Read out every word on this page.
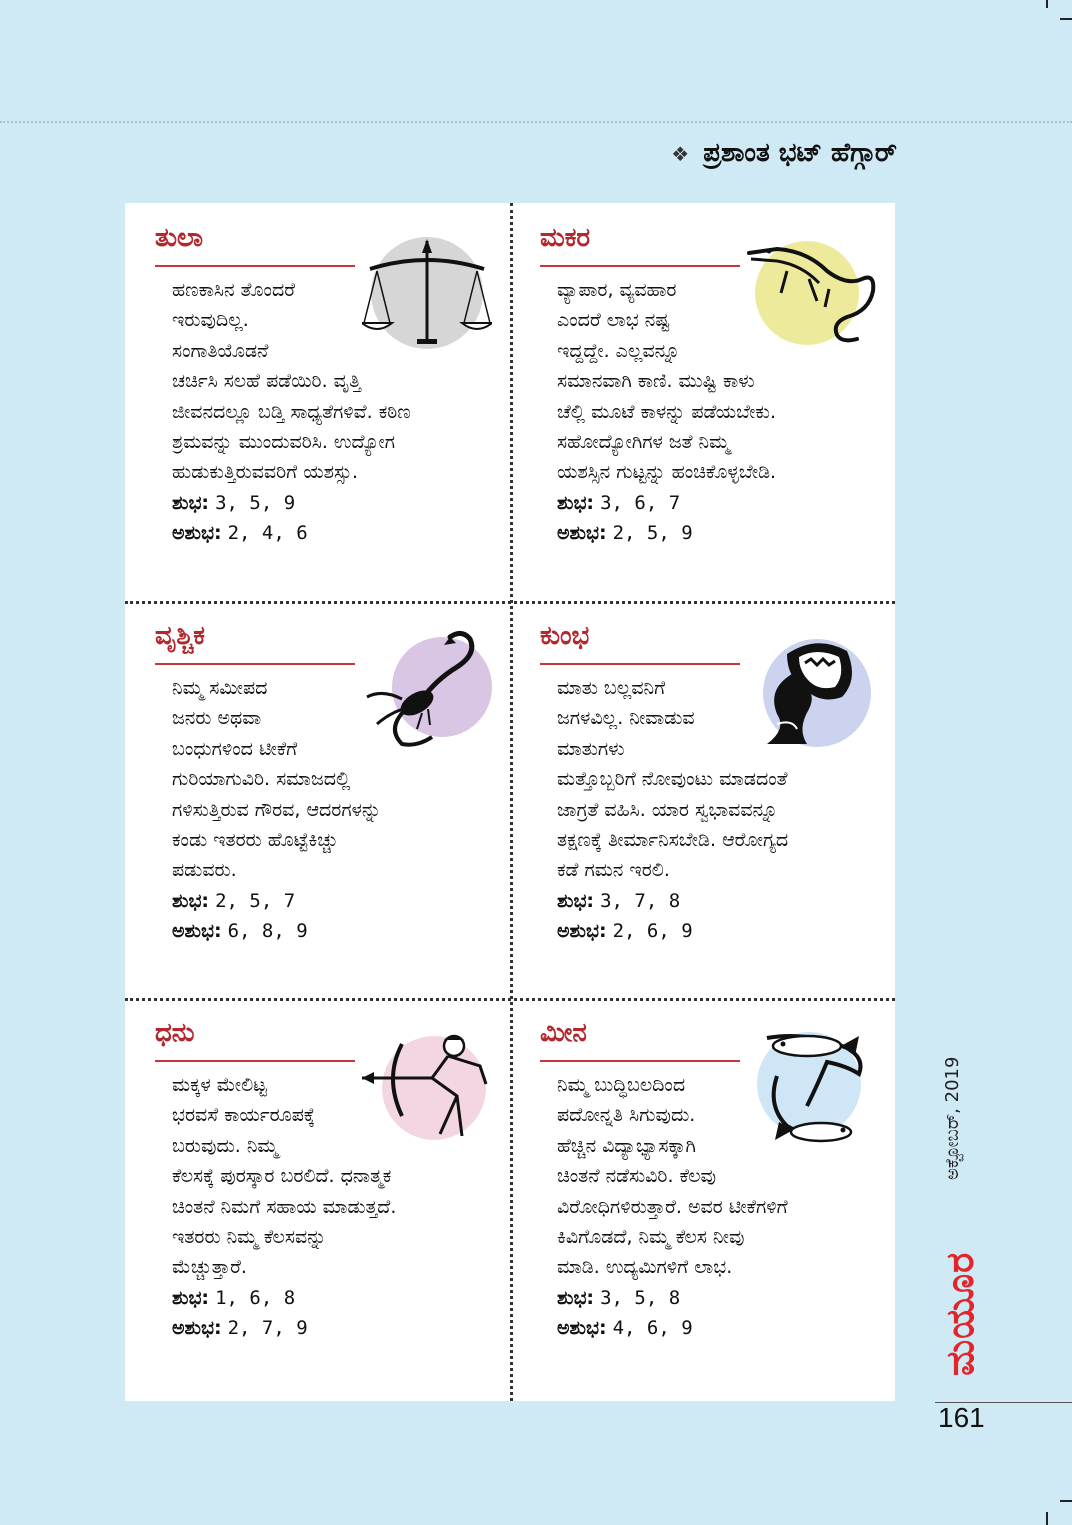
❖ ಪ್ರಶಾಂತ ಭಟ್ ಹೆಗ್ಗಾರ್
ತುಲಾ
ಹಣಕಾಸಿನ ತೊಂದರೆ
ಇರುವುದಿಲ್ಲ.
ಸಂಗಾತಿಯೊಡನೆ
ಚರ್ಚಿಸಿ ಸಲಹೆ ಪಡೆಯಿರಿ. ವೃತ್ತಿ
ಜೀವನದಲ್ಲೂ ಬಡ್ತಿ ಸಾಧ್ಯತೆಗಳಿವೆ. ಕಠಿಣ
ಶ್ರಮವನ್ನು ಮುಂದುವರಿಸಿ. ಉದ್ಯೋಗ
ಹುಡುಕುತ್ತಿರುವವರಿಗೆ ಯಶಸ್ಸು.
ಶುಭ: 3, 5, 9
ಅಶುಭ: 2, 4, 6
ಮಕರ
ವ್ಯಾಪಾರ, ವ್ಯವಹಾರ
ಎಂದರೆ ಲಾಭ ನಷ್ಟ
ಇದ್ದದ್ದೇ. ಎಲ್ಲವನ್ನೂ
ಸಮಾನವಾಗಿ ಕಾಣಿ. ಮುಷ್ಟಿ ಕಾಳು
ಚೆಲ್ಲಿ ಮೂಟೆ ಕಾಳನ್ನು ಪಡೆಯಬೇಕು.
ಸಹೋದ್ಯೋಗಿಗಳ ಜತೆ ನಿಮ್ಮ
ಯಶಸ್ಸಿನ ಗುಟ್ಟನ್ನು ಹಂಚಿಕೊಳ್ಳಬೇಡಿ.
ಶುಭ: 3, 6, 7
ಅಶುಭ: 2, 5, 9
ವೃಶ್ಚಿಕ
ನಿಮ್ಮ ಸಮೀಪದ
ಜನರು ಅಥವಾ
ಬಂಧುಗಳಿಂದ ಟೀಕೆಗೆ
ಗುರಿಯಾಗುವಿರಿ. ಸಮಾಜದಲ್ಲಿ
ಗಳಿಸುತ್ತಿರುವ ಗೌರವ, ಆದರಗಳನ್ನು
ಕಂಡು ಇತರರು ಹೊಟ್ಟೆಕಿಚ್ಚು
ಪಡುವರು.
ಶುಭ: 2, 5, 7
ಅಶುಭ: 6, 8, 9
ಕುಂಭ
ಮಾತು ಬಲ್ಲವನಿಗೆ
ಜಗಳವಿಲ್ಲ. ನೀವಾಡುವ
ಮಾತುಗಳು
ಮತ್ತೊಬ್ಬರಿಗೆ ನೋವುಂಟು ಮಾಡದಂತೆ
ಜಾಗ್ರತೆ ವಹಿಸಿ. ಯಾರ ಸ್ವಭಾವವನ್ನೂ
ತಕ್ಷಣಕ್ಕೆ ತೀರ್ಮಾನಿಸಬೇಡಿ. ಆರೋಗ್ಯದ
ಕಡೆ ಗಮನ ಇರಲಿ.
ಶುಭ: 3, 7, 8
ಅಶುಭ: 2, 6, 9
ಧನು
ಮಕ್ಕಳ ಮೇಲಿಟ್ಟ
ಭರವಸೆ ಕಾರ್ಯರೂಪಕ್ಕೆ
ಬರುವುದು. ನಿಮ್ಮ
ಕೆಲಸಕ್ಕೆ ಪುರಸ್ಕಾರ ಬರಲಿದೆ. ಧನಾತ್ಮಕ
ಚಿಂತನೆ ನಿಮಗೆ ಸಹಾಯ ಮಾಡುತ್ತದೆ.
ಇತರರು ನಿಮ್ಮ ಕೆಲಸವನ್ನು
ಮೆಚ್ಚುತ್ತಾರೆ.
ಶುಭ: 1, 6, 8
ಅಶುಭ: 2, 7, 9
ಮೀನ
ನಿಮ್ಮ ಬುದ್ಧಿಬಲದಿಂದ
ಪದೋನ್ನತಿ ಸಿಗುವುದು.
ಹೆಚ್ಚಿನ ವಿದ್ಯಾಭ್ಯಾಸಕ್ಕಾಗಿ
ಚಿಂತನೆ ನಡೆಸುವಿರಿ. ಕೆಲವು
ವಿರೋಧಿಗಳಿರುತ್ತಾರೆ. ಅವರ ಟೀಕೆಗಳಿಗೆ
ಕಿವಿಗೊಡದೆ, ನಿಮ್ಮ ಕೆಲಸ ನೀವು
ಮಾಡಿ. ಉದ್ಯಮಿಗಳಿಗೆ ಲಾಭ.
ಶುಭ: 3, 5, 8
ಅಶುಭ: 4, 6, 9
ಅಕ್ಟೋಬರ್, 2019
ಮಯೂರ
161
